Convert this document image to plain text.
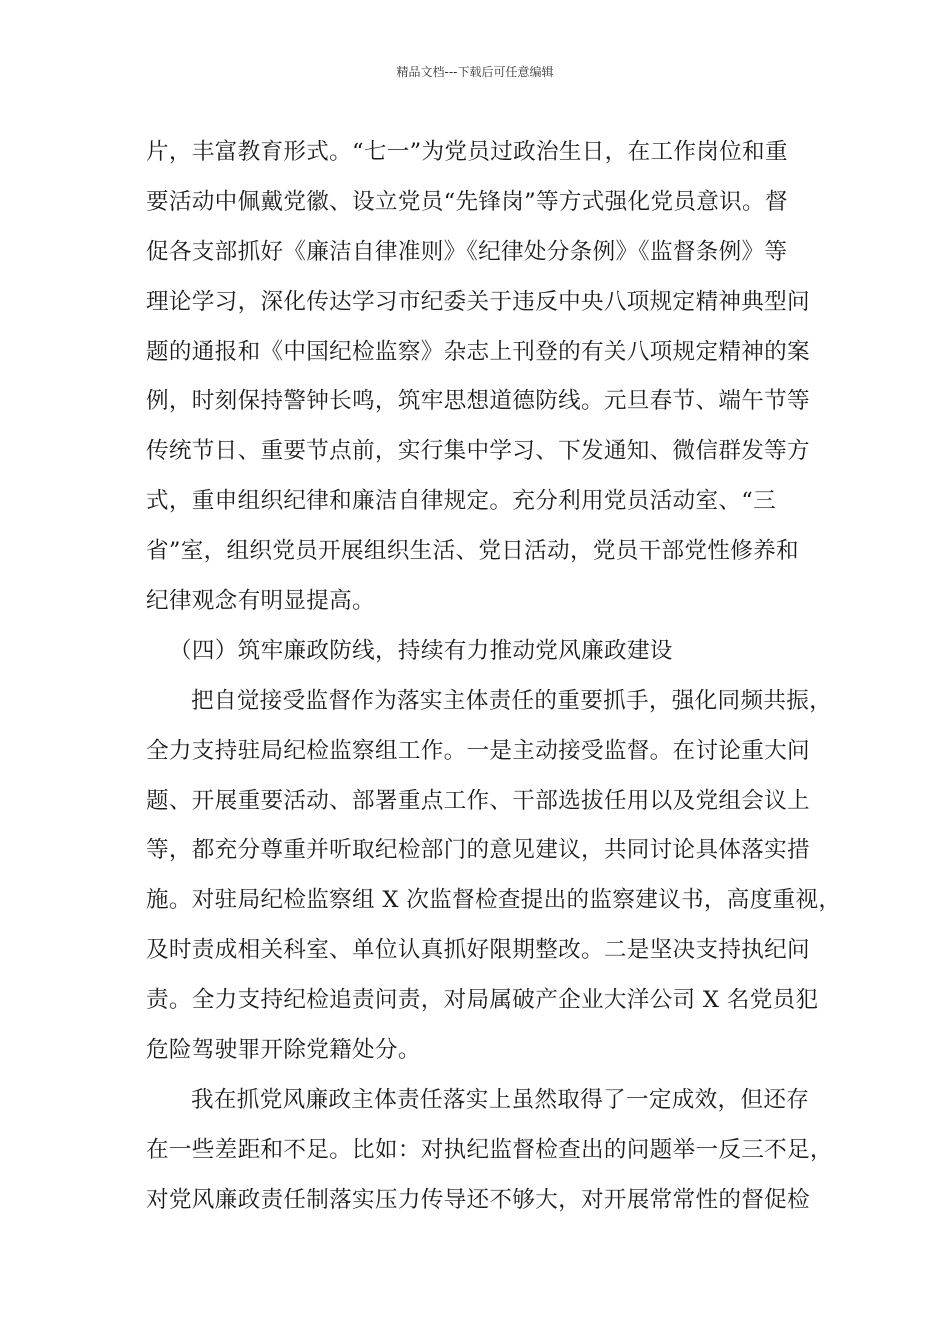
精品文档---下载后可任意编辑
片，丰富教育形式。“七一”为党员过政治生日，在工作岗位和重
要活动中佩戴党徽、设立党员“先锋岗”等方式强化党员意识。督
促各支部抓好《廉洁自律准则》《纪律处分条例》《监督条例》等
理论学习，深化传达学习市纪委关于违反中央八项规定精神典型问
题的通报和《中国纪检监察》杂志上刊登的有关八项规定精神的案
例，时刻保持警钟长鸣，筑牢思想道德防线。元旦春节、端午节等
传统节日、重要节点前，实行集中学习、下发通知、微信群发等方
式，重申组织纪律和廉洁自律规定。充分利用党员活动室、“三
省”室，组织党员开展组织生活、党日活动，党员干部党性修养和
纪律观念有明显提高。
（四）筑牢廉政防线，持续有力推动党风廉政建设
把自觉接受监督作为落实主体责任的重要抓手，强化同频共振，
全力支持驻局纪检监察组工作。一是主动接受监督。在讨论重大问
题、开展重要活动、部署重点工作、干部选拔任用以及党组会议上
等，都充分尊重并听取纪检部门的意见建议，共同讨论具体落实措
施。对驻局纪检监察组 X 次监督检查提出的监察建议书，高度重视，
及时责成相关科室、单位认真抓好限期整改。二是坚决支持执纪问
责。全力支持纪检追责问责，对局属破产企业大洋公司 X 名党员犯
危险驾驶罪开除党籍处分。
我在抓党风廉政主体责任落实上虽然取得了一定成效，但还存
在一些差距和不足。比如：对执纪监督检查出的问题举一反三不足，
对党风廉政责任制落实压力传导还不够大，对开展常常性的督促检
